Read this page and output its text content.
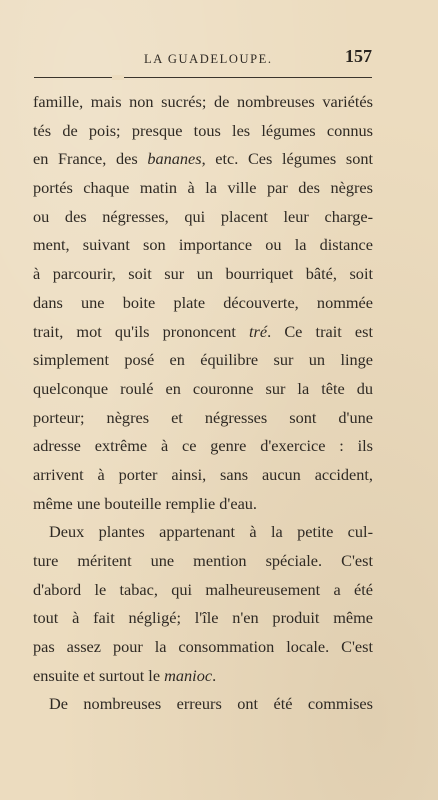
LA GUADELOUPE.	157
famille, mais non sucrés; de nombreuses variétés
tés de pois; presque tous les légumes connus
en France, des bananes, etc. Ces légumes sont
portés chaque matin à la ville par des nègres
ou des négresses, qui placent leur charge-
ment, suivant son importance ou la distance
à parcourir, soit sur un bourriquet bâté, soit
dans une boite plate découverte, nommée
trait, mot qu'ils prononcent tré. Ce trait est
simplement posé en équilibre sur un linge
quelconque roulé en couronne sur la tête du
porteur; nègres et négresses sont d'une
adresse extrême à ce genre d'exercice : ils
arrivent à porter ainsi, sans aucun accident,
même une bouteille remplie d'eau.
Deux plantes appartenant à la petite cul-
ture méritent une mention spéciale. C'est
d'abord le tabac, qui malheureusement a été
tout à fait négligé; l'île n'en produit même
pas assez pour la consommation locale. C'est
ensuite et surtout le manioc.
De nombreuses erreurs ont été commises
